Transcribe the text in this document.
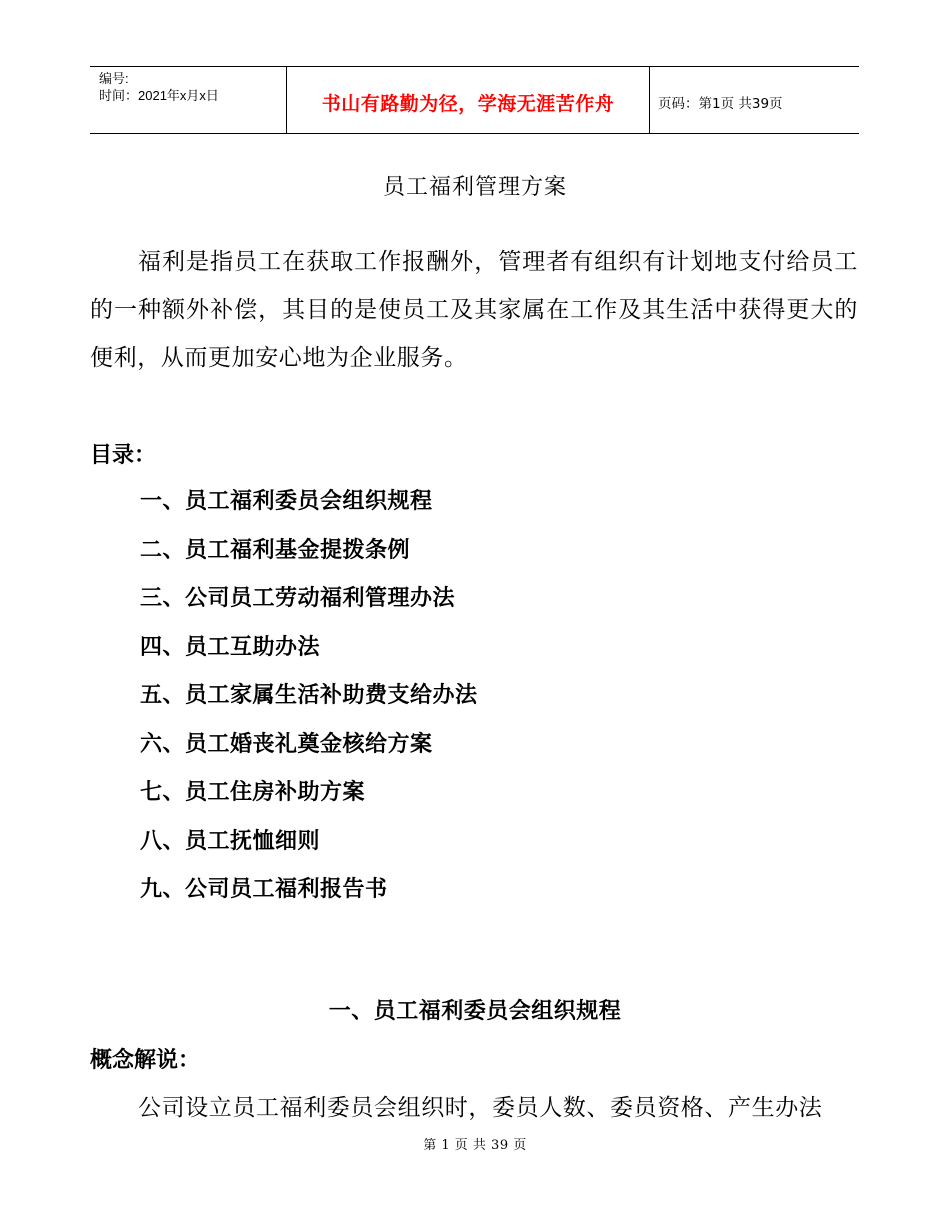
编号:
时间：2021年x月x日	书山有路勤为径，学海无涯苦作舟	页码：第1页 共39页
员工福利管理方案
福利是指员工在获取工作报酬外，管理者有组织有计划地支付给员工的一种额外补偿，其目的是使员工及其家属在工作及其生活中获得更大的便利，从而更加安心地为企业服务。
目录：
一、员工福利委员会组织规程
二、员工福利基金提拨条例
三、公司员工劳动福利管理办法
四、员工互助办法
五、员工家属生活补助费支给办法
六、员工婚丧礼奠金核给方案
七、员工住房补助方案
八、员工抚恤细则
九、公司员工福利报告书
一、员工福利委员会组织规程
概念解说：
公司设立员工福利委员会组织时，委员人数、委员资格、产生办法
第 1 页 共 39 页
